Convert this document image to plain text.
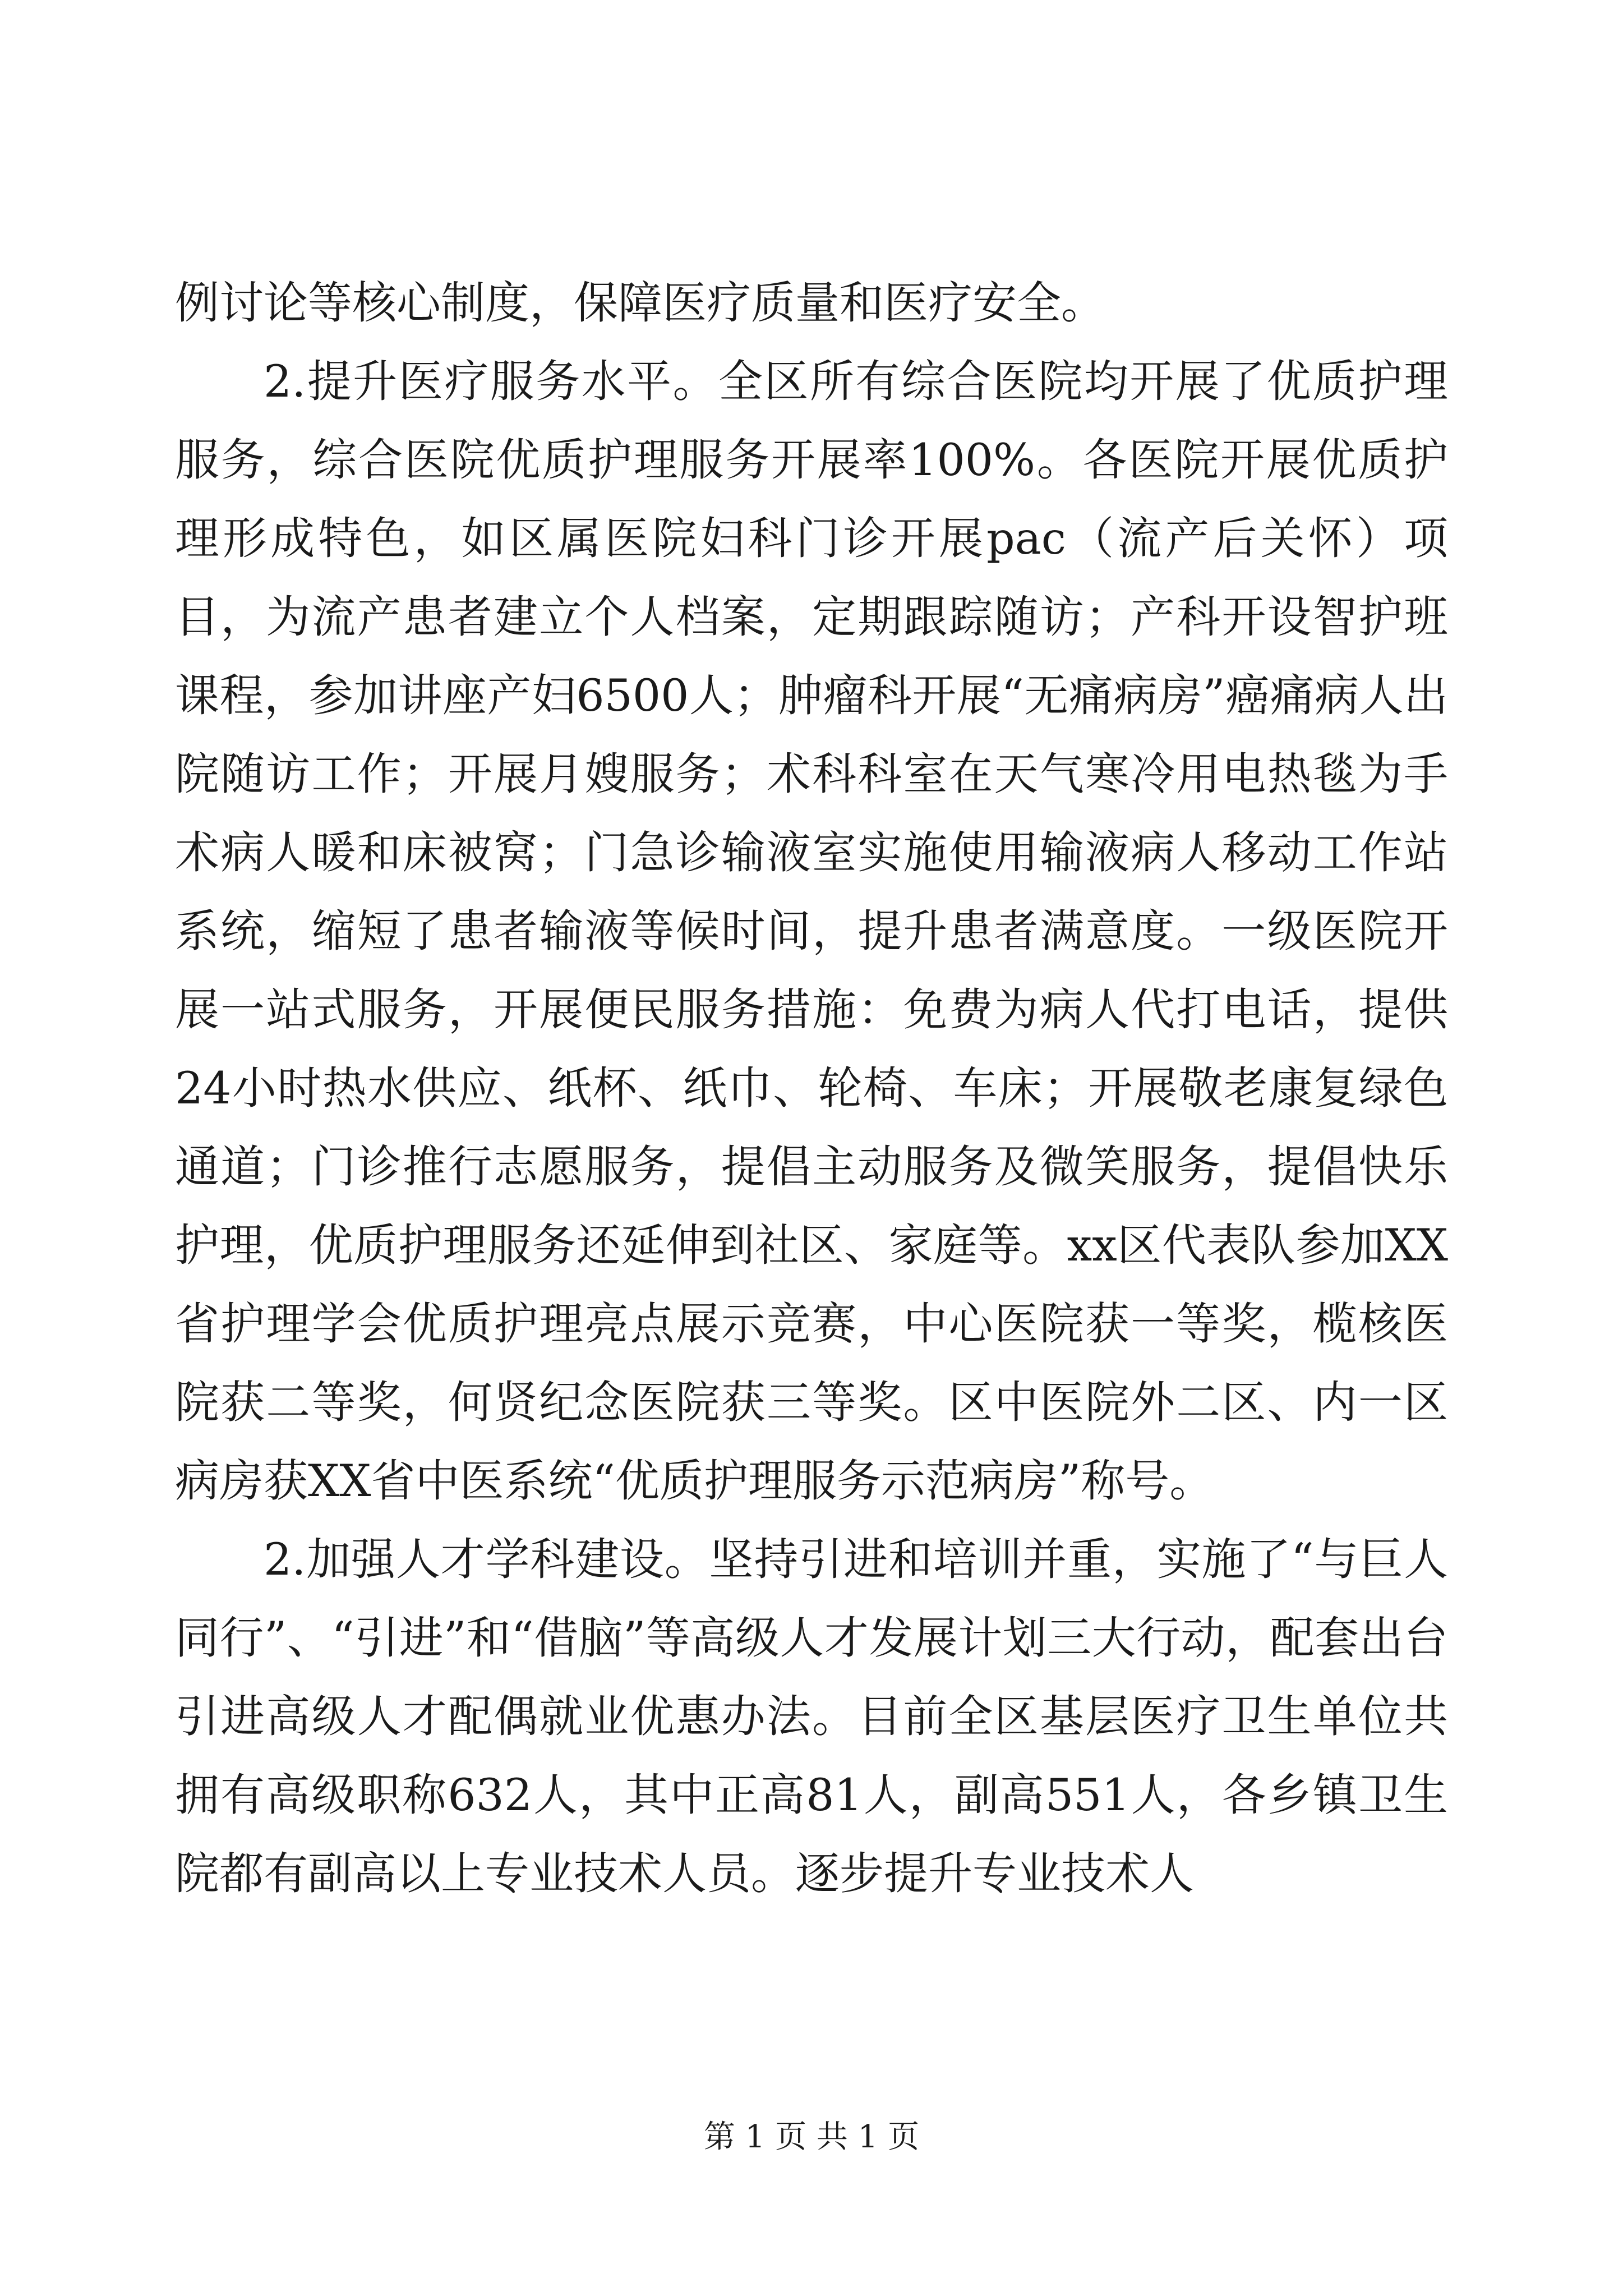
例讨论等核心制度，保障医疗质量和医疗安全。

2.提升医疗服务水平。全区所有综合医院均开展了优质护理服务，综合医院优质护理服务开展率100%。各医院开展优质护理形成特色，如区属医院妇科门诊开展pac（流产后关怀）项目，为流产患者建立个人档案，定期跟踪随访；产科开设智护班课程，参加讲座产妇6500人；肿瘤科开展“无痛病房”癌痛病人出院随访工作；开展月嫂服务；术科科室在天气寒冷用电热毯为手术病人暖和床被窝；门急诊输液室实施使用输液病人移动工作站系统，缩短了患者输液等候时间，提升患者满意度。一级医院开展一站式服务，开展便民服务措施：免费为病人代打电话，提供24小时热水供应、纸杯、纸巾、轮椅、车床；开展敬老康复绿色通道；门诊推行志愿服务，提倡主动服务及微笑服务，提倡快乐护理，优质护理服务还延伸到社区、家庭等。xx区代表队参加XX省护理学会优质护理亮点展示竞赛，中心医院获一等奖，榄核医院获二等奖，何贤纪念医院获三等奖。区中医院外二区、内一区病房获XX省中医系统“优质护理服务示范病房”称号。

2.加强人才学科建设。坚持引进和培训并重，实施了“与巨人同行”、“引进”和“借脑”等高级人才发展计划三大行动，配套出台引进高级人才配偶就业优惠办法。目前全区基层医疗卫生单位共拥有高级职称632人，其中正高81人，副高551人，各乡镇卫生院都有副高以上专业技术人员。逐步提升专业技术人

第 1 页 共 1 页
